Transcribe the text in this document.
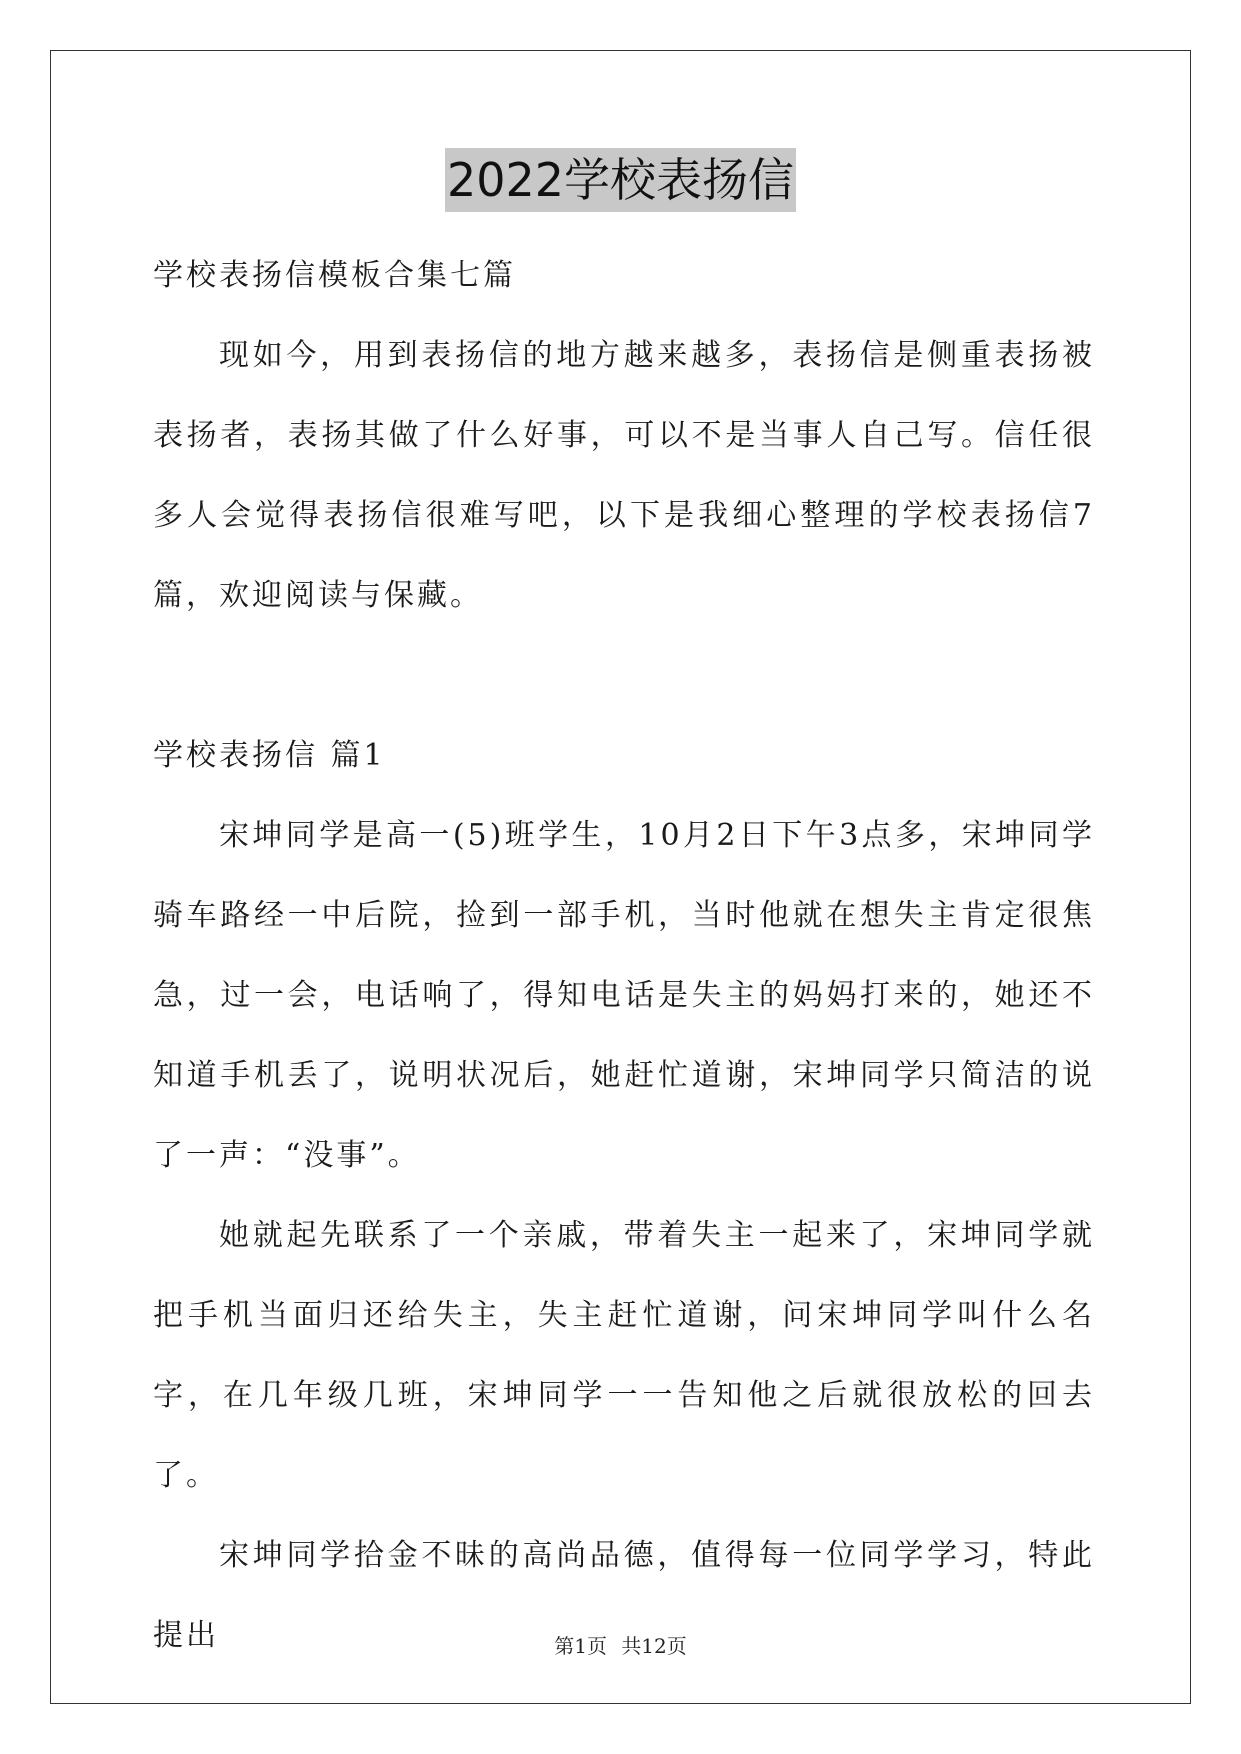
2022学校表扬信
学校表扬信模板合集七篇

现如今，用到表扬信的地方越来越多，表扬信是侧重表扬被表扬者，表扬其做了什么好事，可以不是当事人自己写。信任很多人会觉得表扬信很难写吧，以下是我细心整理的学校表扬信7篇，欢迎阅读与保藏。

学校表扬信 篇1

宋坤同学是高一(5)班学生，10月2日下午3点多，宋坤同学骑车路经一中后院，捡到一部手机，当时他就在想失主肯定很焦急，过一会，电话响了，得知电话是失主的妈妈打来的，她还不知道手机丢了，说明状况后，她赶忙道谢，宋坤同学只简洁的说了一声：“没事”。

她就起先联系了一个亲戚，带着失主一起来了，宋坤同学就把手机当面归还给失主，失主赶忙道谢，问宋坤同学叫什么名字，在几年级几班，宋坤同学一一告知他之后就很放松的回去了。

宋坤同学拾金不昧的高尚品德，值得每一位同学学习，特此提出	第1页 共12页
